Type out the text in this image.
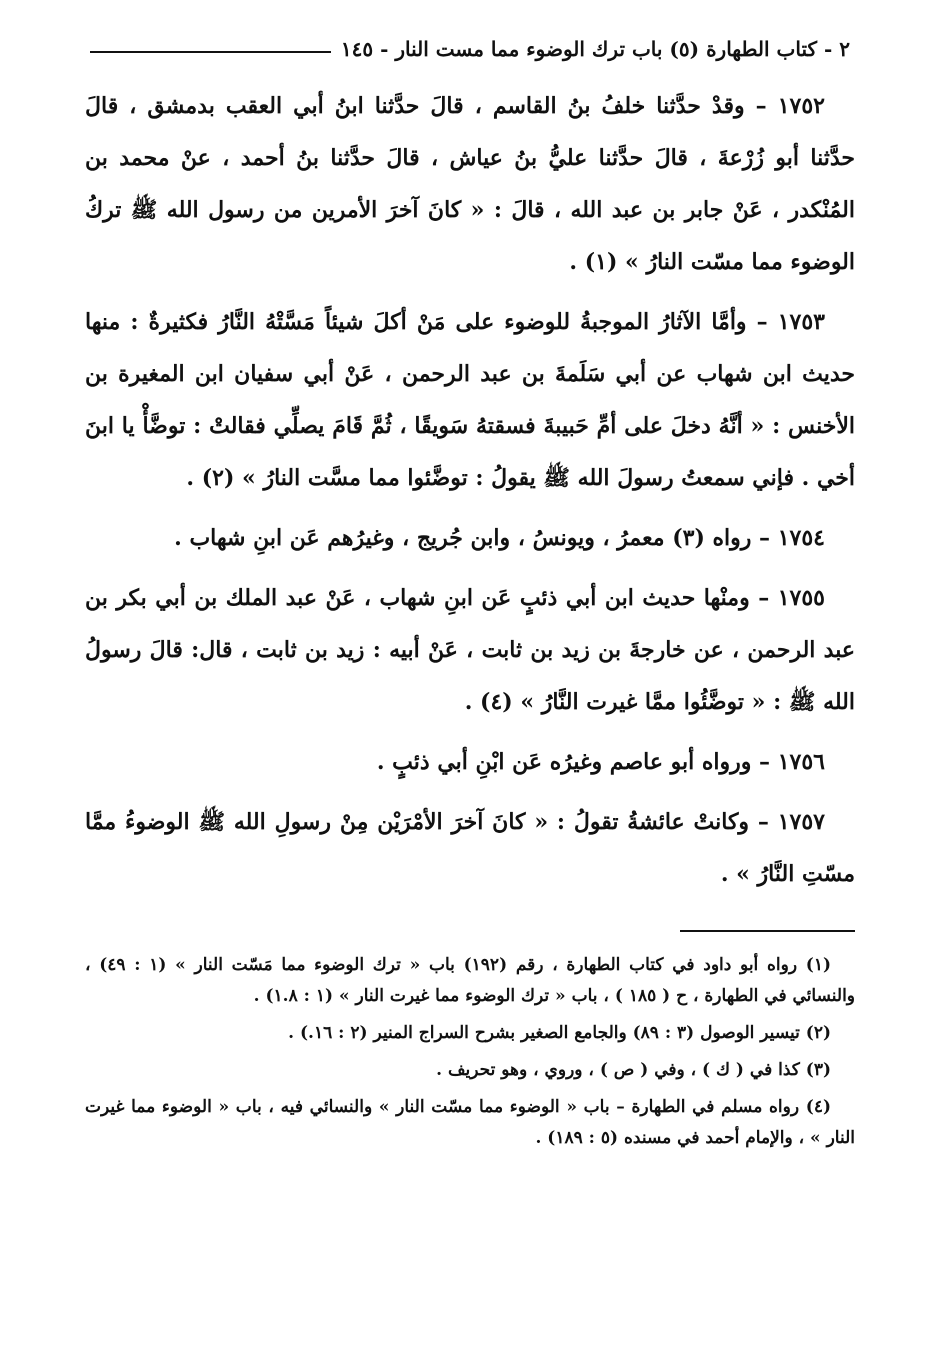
٢ - كتاب الطهارة (٥) باب ترك الوضوء مما مست النار - ١٤٥

١٧٥٢ – وقدْ حدَّثنا خلفُ بنُ القاسم ، قالَ حدَّثنا ابنُ أبي العقب بدمشق ، قالَ حدَّثنا أبو زُرْعةَ ، قالَ حدَّثنا عليُّ بنُ عياش ، قالَ حدَّثنا بنُ أحمد ، عنْ محمد بن المُنْكدر ، عَنْ جابر بن عبد الله ، قالَ : « كانَ آخرَ الأمرين من رسول الله ﷺ تركُ الوضوء مما مسّت النارُ » (١) .

١٧٥٣ – وأمَّا الآثارُ الموجبةُ للوضوء على مَنْ أكلَ شيئاً مَسَّتْهُ النَّارُ فكثيرةٌ : منها حديث ابن شهاب عن أبي سَلَمةَ بن عبد الرحمن ، عَنْ أبي سفيان ابن المغيرة بن الأخنس : « أنَّهُ دخلَ على أمِّ حَبيبةَ فسقتهُ سَويقًا ، ثُمَّ قَامَ يصلِّي فقالتْ : توضَّأْ يا ابنَ أخي . فإني سمعتُ رسولَ الله ﷺ يقولُ : توضَّئوا مما مسَّت النارُ » (٢) .

١٧٥٤ – رواه (٣) معمرُ ، ويونسُ ، وابن جُريج ، وغيرُهم عَن ابنِ شهاب .

١٧٥٥ – ومنْها حديث ابن أبي ذئبٍ عَن ابنِ شهاب ، عَنْ عبد الملك بن أبي بكر بن عبد الرحمن ، عن خارجةَ بن زيد بن ثابت ، عَنْ أبيه : زيد بن ثابت ، قال: قالَ رسولُ الله ﷺ : « توضَّئُوا ممَّا غيرت النَّارُ » (٤) .

١٧٥٦ – ورواه أبو عاصم وغيرُه عَن ابْنِ أبي ذئبٍ .

١٧٥٧ – وكانتْ عائشةُ تقولُ : « كانَ آخرَ الأمْرَيْن مِنْ رسولِ الله ﷺ الوضوءُ ممَّا مسّتِ النَّارُ » .

(١) رواه أبو داود في كتاب الطهارة ، رقم (١٩٢) باب « ترك الوضوء مما مَسّت النار » (١ : ٤٩) ، والنسائي في الطهارة ، ح ( ١٨٥ ) ، باب « ترك الوضوء مما غيرت النار » (١ : ١.٨) .

(٢) تيسير الوصول (٣ : ٨٩) والجامع الصغير بشرح السراج المنير (٢ : ١٦.) .

(٣) كذا في ( ك ) ، وفي ( ص ) ، وروي ، وهو تحريف .

(٤) رواه مسلم في الطهارة – باب « الوضوء مما مسّت النار » والنسائي فيه ، باب « الوضوء مما غيرت النار » ، والإمام أحمد في مسنده (٥ : ١٨٩) .
